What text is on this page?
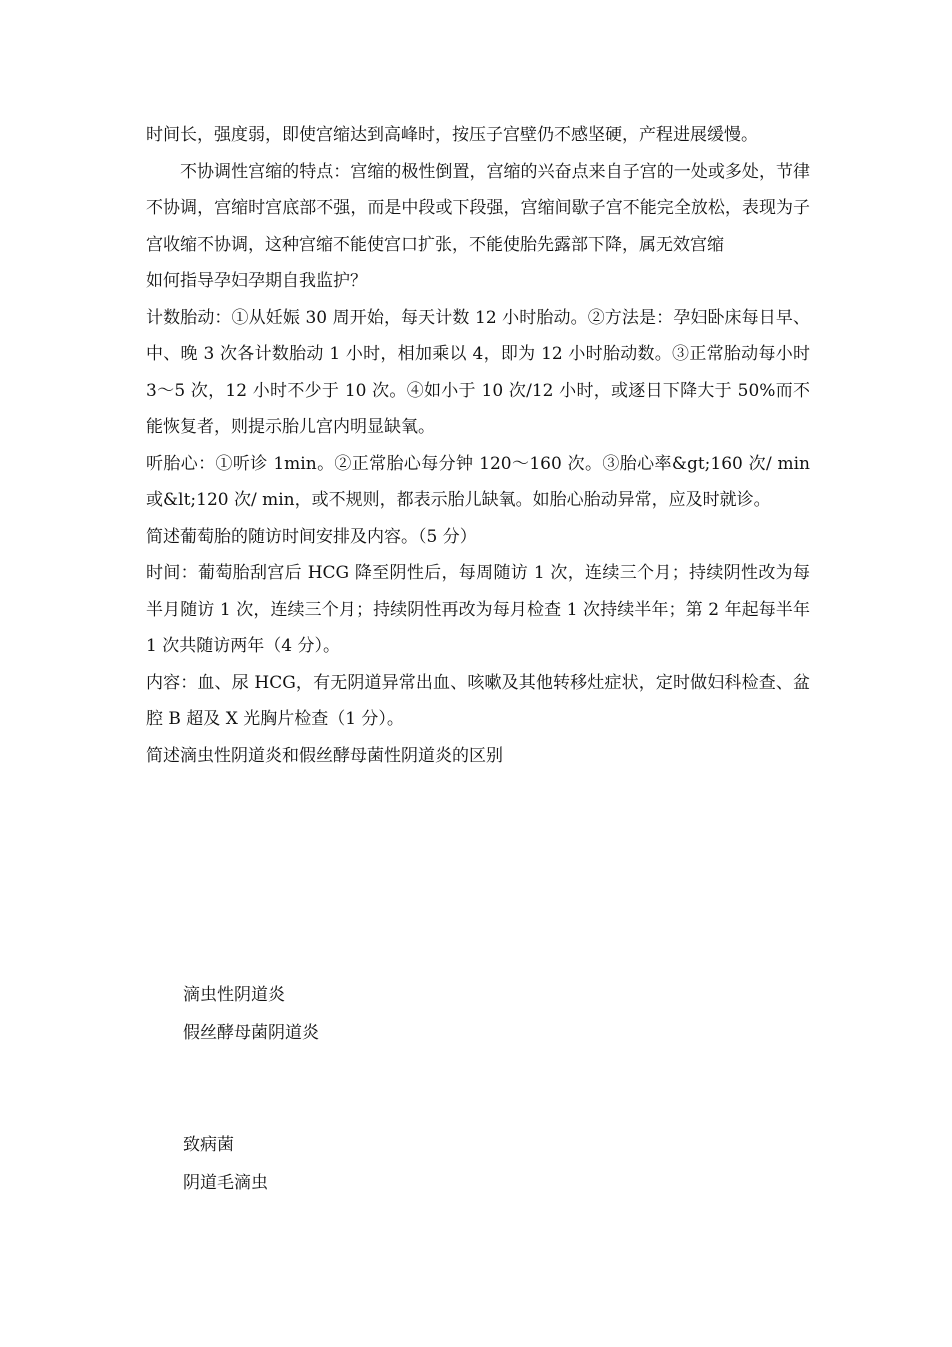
时间长，强度弱，即使宫缩达到高峰时，按压子宫壁仍不感坚硬，产程进展缓慢。

不协调性宫缩的特点：宫缩的极性倒置，宫缩的兴奋点来自子宫的一处或多处，节律不协调，宫缩时宫底部不强，而是中段或下段强，宫缩间歇子宫不能完全放松，表现为子宫收缩不协调，这种宫缩不能使宫口扩张，不能使胎先露部下降，属无效宫缩

如何指导孕妇孕期自我监护？

计数胎动：①从妊娠 30 周开始，每天计数 12 小时胎动。②方法是：孕妇卧床每日早、中、晚 3 次各计数胎动 1 小时，相加乘以 4，即为 12 小时胎动数。③正常胎动每小时 3～5 次，12 小时不少于 10 次。④如小于 10 次/12 小时，或逐日下降大于 50%而不能恢复者，则提示胎儿宫内明显缺氧。

听胎心：①听诊 1min。②正常胎心每分钟 120～160 次。③胎心率&gt;160 次/ min 或&lt;120 次/ min，或不规则，都表示胎儿缺氧。如胎心胎动异常，应及时就诊。

简述葡萄胎的随访时间安排及内容。（5 分）

时间：葡萄胎刮宫后 HCG 降至阴性后，每周随访 1 次，连续三个月；持续阴性改为每半月随访 1 次，连续三个月；持续阴性再改为每月检查 1 次持续半年；第 2 年起每半年 1 次共随访两年（4 分）。

内容：血、尿 HCG，有无阴道异常出血、咳嗽及其他转移灶症状，定时做妇科检查、盆腔 B 超及 X 光胸片检查（1 分）。

简述滴虫性阴道炎和假丝酵母菌性阴道炎的区别

滴虫性阴道炎

假丝酵母菌阴道炎

致病菌

阴道毛滴虫
